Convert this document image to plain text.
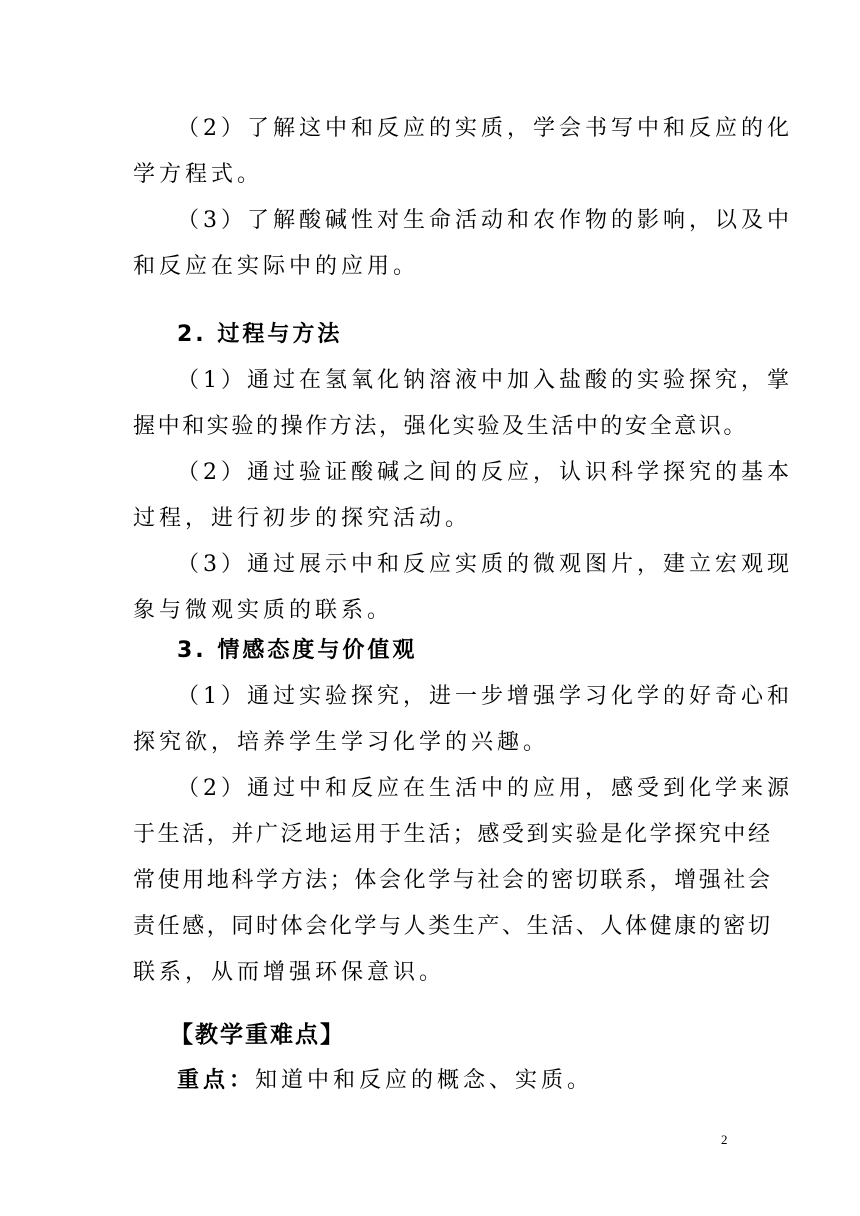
（2）了解这中和反应的实质，学会书写中和反应的化
学方程式。
（3）了解酸碱性对生命活动和农作物的影响，以及中
和反应在实际中的应用。
2. 过程与方法
（1）通过在氢氧化钠溶液中加入盐酸的实验探究，掌
握中和实验的操作方法，强化实验及生活中的安全意识。
（2）通过验证酸碱之间的反应，认识科学探究的基本
过程，进行初步的探究活动。
（3）通过展示中和反应实质的微观图片，建立宏观现
象与微观实质的联系。
3. 情感态度与价值观
（1）通过实验探究，进一步增强学习化学的好奇心和
探究欲，培养学生学习化学的兴趣。
（2）通过中和反应在生活中的应用，感受到化学来源
于生活，并广泛地运用于生活；感受到实验是化学探究中经
常使用地科学方法；体会化学与社会的密切联系，增强社会
责任感，同时体会化学与人类生产、生活、人体健康的密切
联系，从而增强环保意识。
【教学重难点】
重点：知道中和反应的概念、实质。
2
